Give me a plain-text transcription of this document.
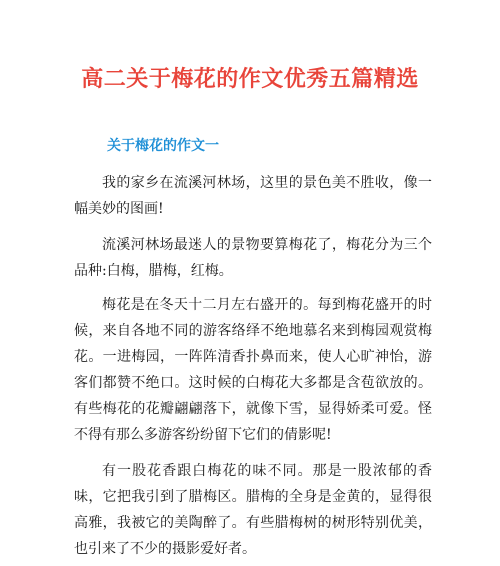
高二关于梅花的作文优秀五篇精选
关于梅花的作文一

我的家乡在流溪河林场，这里的景色美不胜收，像一幅美妙的图画!

流溪河林场最迷人的景物要算梅花了，梅花分为三个品种:白梅，腊梅，红梅。

梅花是在冬天十二月左右盛开的。每到梅花盛开的时候，来自各地不同的游客络绎不绝地慕名来到梅园观赏梅花。一进梅园，一阵阵清香扑鼻而来，使人心旷神怡，游客们都赞不绝口。这时候的白梅花大多都是含苞欲放的。有些梅花的花瓣翩翩落下，就像下雪，显得娇柔可爱。怪不得有那么多游客纷纷留下它们的倩影呢!

有一股花香跟白梅花的味不同。那是一股浓郁的香味，它把我引到了腊梅区。腊梅的全身是金黄的，显得很高雅，我被它的美陶醉了。有些腊梅树的树形特别优美，也引来了不少的摄影爱好者。
